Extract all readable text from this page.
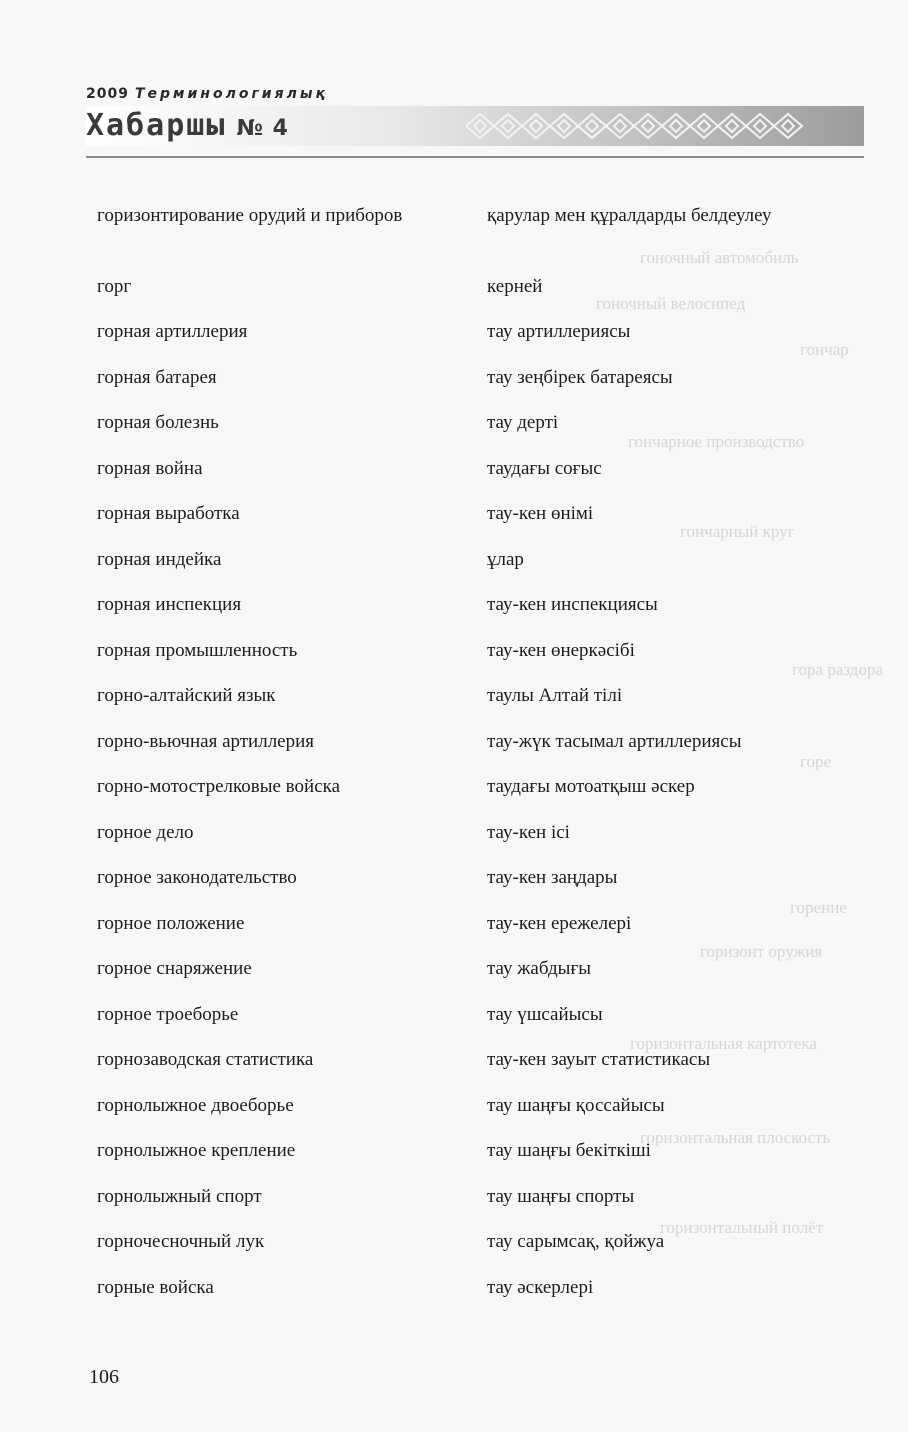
гоночный автомобиль
гоночный велосипед
гончар
гончарное производство
гончарный круг
гора раздора
горе
горение
горизонт оружия
горизонтальная картотека
горизонтальная плоскость
горизонтальный полёт
2009 Терминологиялық
Хабаршы № 4
горизонтирование орудий и приборов	қарулар мен құралдарды белдеулеу
горг	керней
горная артиллерия	тау артиллериясы
горная батарея	тау зеңбірек батареясы
горная болезнь	тау дерті
горная война	таудағы соғыс
горная выработка	тау-кен өнімі
горная индейка	ұлар
горная инспекция	тау-кен инспекциясы
горная промышленность	тау-кен өнеркәсібі
горно-алтайский язык	таулы Алтай тілі
горно-вьючная артиллерия	тау-жүк тасымал артиллериясы
горно-мотострелковые войска	таудағы мотоатқыш әскер
горное дело	тау-кен ісі
горное законодательство	тау-кен заңдары
горное положение	тау-кен ережелері
горное снаряжение	тау жабдығы
горное троеборье	тау үшсайысы
горнозаводская статистика	тау-кен зауыт статистикасы
горнолыжное двоеборье	тау шаңғы қоссайысы
горнолыжное крепление	тау шаңғы бекіткіші
горнолыжный спорт	тау шаңғы спорты
горночесночный лук	тау сарымсақ, қойжуа
горные войска	тау әскерлері
106
